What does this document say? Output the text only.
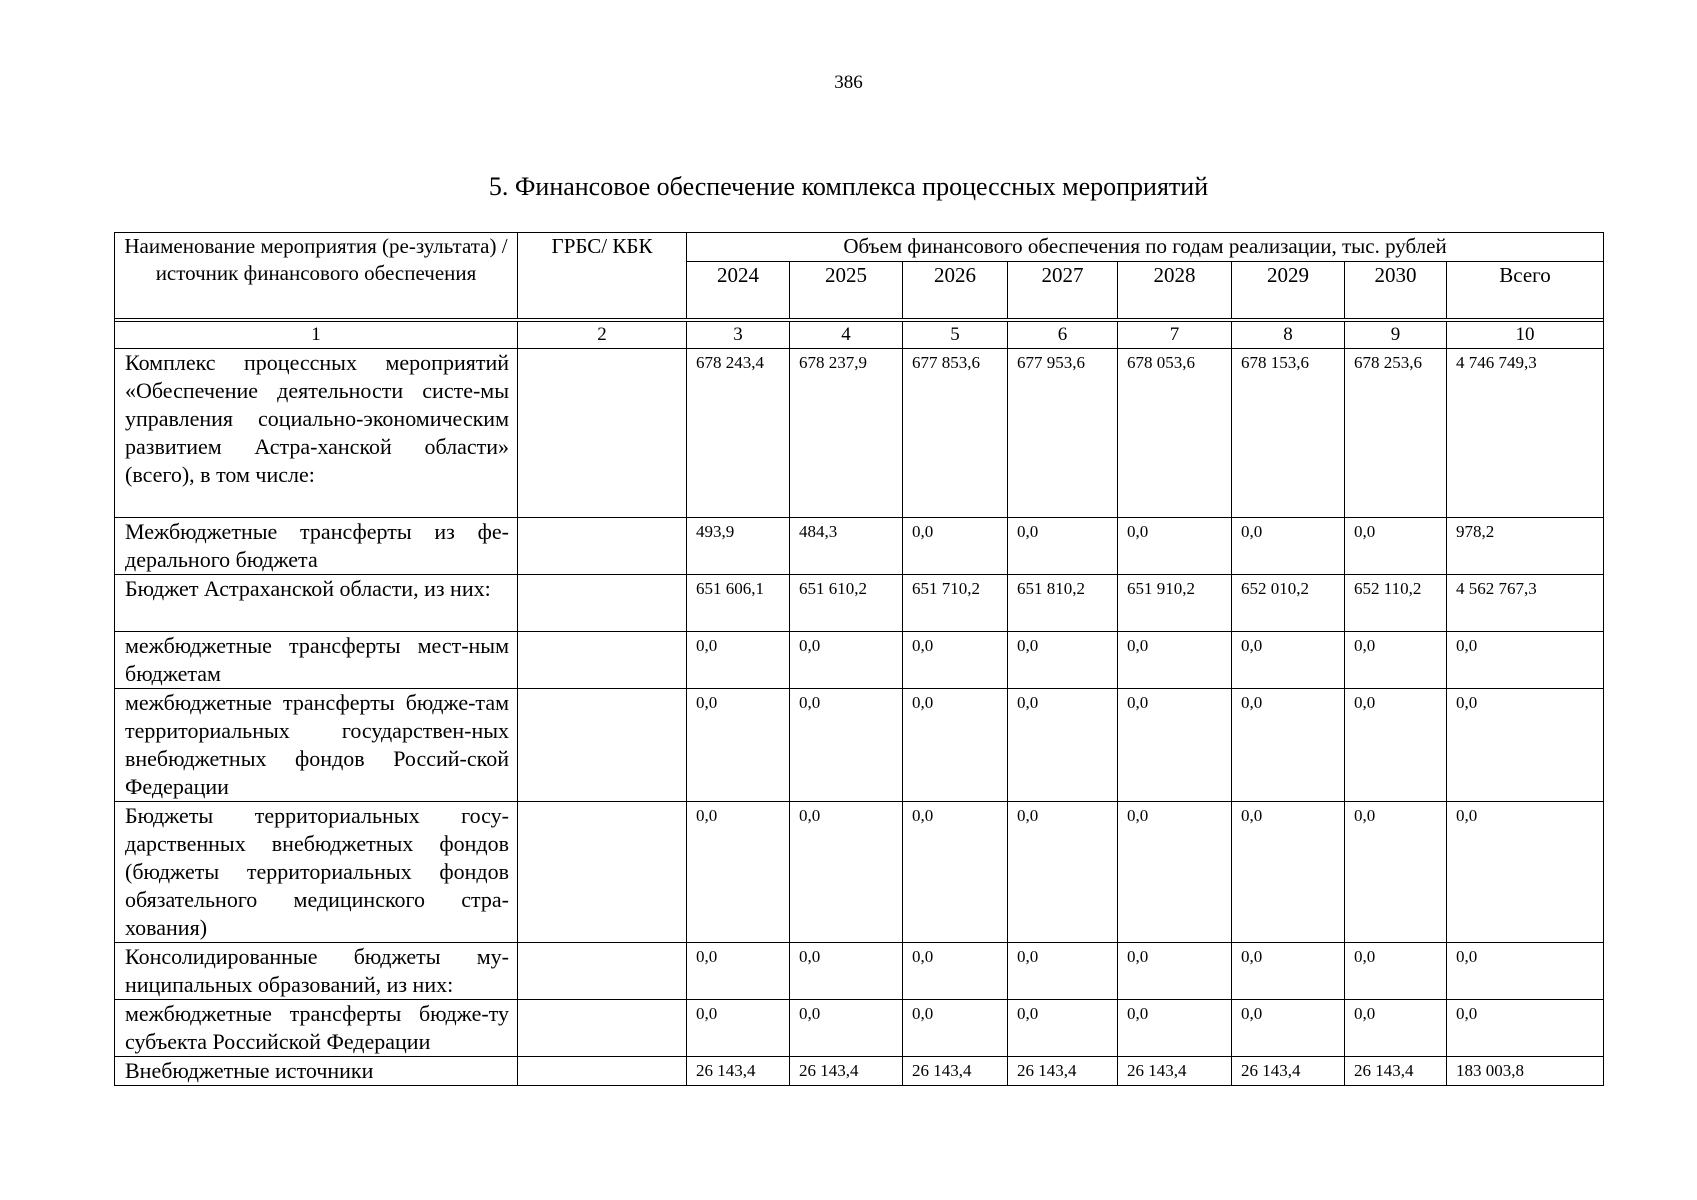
386
5. Финансовое обеспечение комплекса процессных мероприятий
Наименование мероприятия (ре-зультата) / источник финансового обеспечения	ГРБС/ КБК	Объем финансового обеспечения по годам реализации, тыс. рублей							
		2024	2025	2026	2027	2028	2029	2030	Всего

1	2	3	4	5	6	7	8	9	10
Комплекс процессных мероприятий «Обеспечение деятельности систе-мы управления социально-экономическим развитием Астра-ханской области» (всего), в том числе:		678 243,4	678 237,9	677 853,6	677 953,6	678 053,6	678 153,6	678 253,6	4 746 749,3
Межбюджетные трансферты из фе-дерального бюджета		493,9	484,3	0,0	0,0	0,0	0,0	0,0	978,2
Бюджет Астраханской области, из них:		651 606,1	651 610,2	651 710,2	651 810,2	651 910,2	652 010,2	652 110,2	4 562 767,3
межбюджетные трансферты мест-ным бюджетам		0,0	0,0	0,0	0,0	0,0	0,0	0,0	0,0
межбюджетные трансферты бюдже-там территориальных государствен-ных внебюджетных фондов Россий-ской Федерации		0,0	0,0	0,0	0,0	0,0	0,0	0,0	0,0
Бюджеты территориальных госу-дарственных внебюджетных фондов (бюджеты территориальных фондов обязательного медицинского стра-хования)		0,0	0,0	0,0	0,0	0,0	0,0	0,0	0,0
Консолидированные бюджеты му-ниципальных образований, из них:		0,0	0,0	0,0	0,0	0,0	0,0	0,0	0,0
межбюджетные трансферты бюдже-ту субъекта Российской Федерации		0,0	0,0	0,0	0,0	0,0	0,0	0,0	0,0
Внебюджетные источники		26 143,4	26 143,4	26 143,4	26 143,4	26 143,4	26 143,4	26 143,4	183 003,8
